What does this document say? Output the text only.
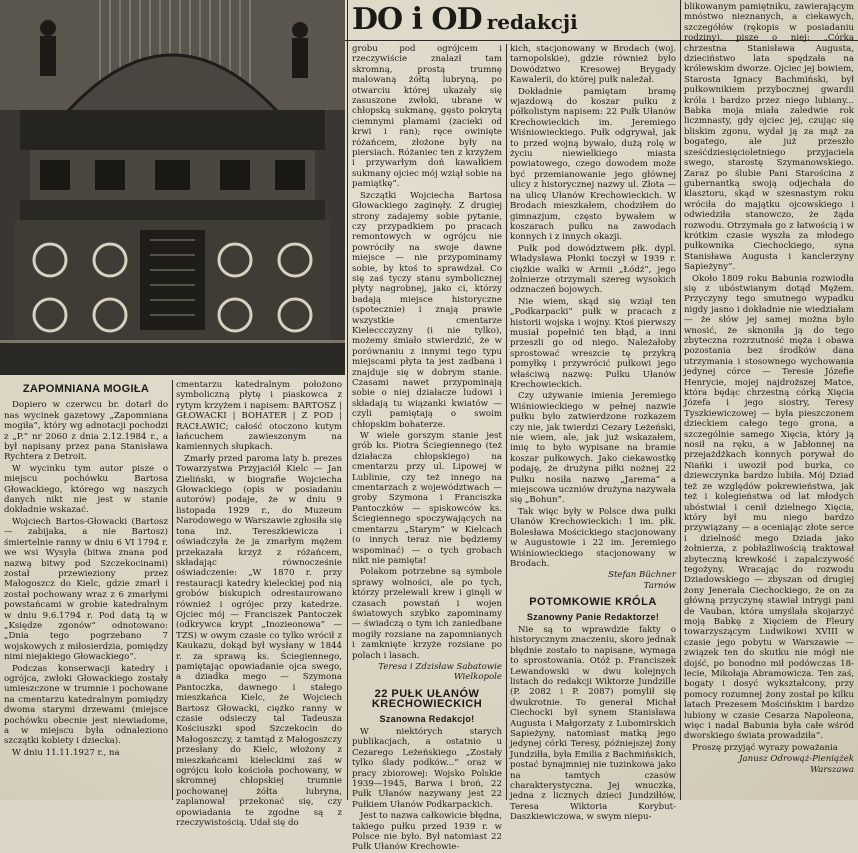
DO i OD redakcji
ZAPOMNIANA MOGIŁA

Dopiero w czerwcu br. dotarł do nas wycinek gazetowy „Zapomniana mogiła”, który wg adnotacji pochodzi z „P.” nr 2060 z dnia 2.12.1984 r., a był napisany przez pana Stanisława Rychtera z Detroit.

W wycinku tym autor pisze o miejscu pochówku Bartosa Głowackiego, którego wg naszych danych nikt nie jest w stanie dokładnie wskazać.

Wojciech Bartos-Głowacki (Bartosz — zabijaka, a nie Bartosz) śmiertelnie ranny w dniu 6 VI 1794 r. we wsi Wysyła (bitwa znana pod nazwą bitwy pod Szczekocinami) został przewieziony przez Małogoszcz do Kielc, gdzie zmarł i został pochowany wraz z 6 zmarłymi powstańcami w grobie katedralnym w dniu 9.6.1794 r. Pod datą tą w „Księdze zgonów” odnotowano: „Dnia tego pogrzebano 7 wojskowych z miłosierdzia, pomiędzy nimi niejakiego Głowackiego”.

Podczas konserwacji katedry i ogrójca, zwłoki Głowackiego zostały umieszczone w trumnie i pochowane na cmentarzu katedralnym pomiędzy dwoma starymi drzewami (miejsce pochówku obecnie jest niewiadome, a w miejscu była odnaleziono szczątki kobiety i dziecka).

W dniu 11.11.1927 r., na

cmentarzu katedralnym położono symboliczną płytę i piaskowca z rytym krzyżem i napisem: BARTOSZ | GŁOWACKI | BOHATER | Z POD | RACŁAWIC; całość otoczono kutym łańcuchem zawieszonym na kamiennych słupkach.

Zmarły przed paroma laty b. prezes Towarzystwa Przyjaciół Kielc — Jan Zieliński, w biografie Wojciecha Głowackiego (opis w posiadaniu autorów) podaje, że w dniu 9 listopada 1929 r., do Muzeum Narodowego w Warszawie zgłosiła się tona inż. Tereszkiewicza i oświadczyła że ja zmarłym mężem przekazała krzyż z różańcem, składając równocześnie oświadczenie: „W 1870 r. przy restauracji katedry kieleckiej pod nią grobów biskupich odrestaurowano również i ogrójec przy katedrze. Ojciec mój — Franciszek Pantoczek (odkrywca krypt „Inozieonowa” — TZS) w owym czasie co tylko wrócił z Kaukazu, dokąd był wysłany w 1844 r. za sprawą ks. Ściegiennego, pamiętając opowiadanie ojca swego, a dziadka mego — Szymona Pantoczka, dawnego i stałego mieszkańca Kielc, że Wojciech Bartosz Głowacki, ciężko ranny w czasie odsieczy tal Tadeusza Kościuszki spod Szczekocin do Małogoszczy, z tamtąd z Małogoszczy przesłany do Kielc, włożony z mieszkańcami kieleckimi zaś w ogrójcu koło kościoła pochowany, w skromnej chłopskiej trumnie pochowanej żółta lubryna, zaplanował przekonać się, czy opowiadania te zgodne są z rzeczywistością. Udał się do

grobu pod ogrójcem i rzeczywiście znalazł tam skromną, prostą trumnę malowaną żółtą lubryną, po otwarciu której ukazały się zasuszone zwłoki, ubrane w chłopską sukmanę, gęsto pokrytą ciemnymi plamami (zacieki od krwi i ran); ręce owinięte różańcem, złożone były na piersiach. Różaniec ten z krzyżem i przywarłym doń kawałkiem sukmany ojciec mój wziął sobie na pamiątkę”.

Szczątki Wojciecha Bartosa Głowackiego zaginęły. Z drugiej strony zadajemy sobie pytanie, czy przypadkiem po pracach remontowych w ogrójcu nie powróciły na swoje dawne miejsce — nie przypominamy sobie, by ktoś to sprawdzał. Co się zaś tyczy stanu symbolicznej płyty nagrobnej, jako ci, którzy badają miejsce historyczne (spotecznie) i znają prawie wszystkie cmentarze Kieleccczyzny (i nie tylko), możemy śmiało stwierdzić, że w porównaniu z innymi tego typu miejscami płyta ta jest zadbana i znajduje się w dobrym stanie. Czasami nawet przypominają sobie o niej działacze ludowi i składają tu wiązanki kwiatów — czyli pamiętają o swoim chłopskim bohaterze.

W wiele gorszym stanie jest grób ks. Piotra Ściegiennego (też działacza chłopskiego) na cmentarzu przy ul. Lipowej w Lublinie, czy też innego na cmentarzach z województwach — groby Szymona i Franciszka Pantoczków — spiskowców ks. Ściegiennego spoczywających na cmentarzu „Starym” w Kielcach (o innych teraz nie będziemy wspominać) — o tych grobach nikt nie pamięta!

Polakom potrzebne są symbole sprawy wolności, ale po tych, którzy przelewali krew i ginęli w czasach powstań i wojen światowych szybko zapominamy — świadczą o tym ich zaniedbane mogiły rozsiane na zapomnianych i zamknięte krzyże rozsiane po polach i lasach.

Teresa i Zdzisław Sabatowie
Wielkopole
22 PUŁK UŁANÓW
KRECHOWIECKICH
Szanowna Redakcjo!

W niektórych starych publikacjach, a ostatnio u Cezarego Leżeńskiego „Zostały tylko ślady podków...” oraz w pracy zbiorowej: Wojsko Polskie 1939—1945, Barwa i broń, 22 Pułk Ułanów nazywany jest 22 Pułkiem Ułanów Podkarpackich.

Jest to nazwa całkowicie błędna, takiego pułku przed 1939 r. w Polsce nie było. Był natomiast 22 Pułk Ułanów Krechowie-

kich, stacjonowany w Brodach (woj. tarnopolskie), gdzie również było Dowództwo Kresowej Brygady Kawalerii, do której pułk należał.

Dokładnie pamiętam bramę wjazdową do koszar pułku z półkolistym napisem: 22 Pułk Ułanów Krechowieckich im. Jeremiego Wiśniowieckiego. Pułk odgrywał, jak to przed wojną bywało, dużą rolę w życiu niewielkiego miasta powiatowego, czego dowodem może być przemianowanie jego głównej ulicy z historycznej nazwy ul. Złota — na ulicę Ułanów Krechowieckich. W Brodach mieszkałem, chodziłem do gimnazjum, często bywałem w koszarach pułku na zawodach konnych i z innych okazji.

Pułk pod dowództwem płk. dypl. Władysława Płonki toczył w 1939 r. ciężkie walki w Armii „Łódź”, jego żołnierze otrzymali szereg wysokich odznaczeń bojowych.

Nie wiem, skąd się wziął ten „Podkarpacki” pułk w pracach z historii wojska i wojny. Ktoś pierwszy musiał popełnić ten błąd, a inni przeszli go od niego. Należałoby sprostować wreszcie tę przykrą pomyłkę i przywrócić pułkowi jego właściwą nazwę: Pułku Ułanów Krechowieckich.

Czy używanie imienia Jeremiego Wiśniowieckiego w pełnej nazwie pułku było zatwierdzone rozkazem czy nie, jak twierdzi Cezary Leżeński, nie wiem, ale, jak już wskazałem, imię to było wypisane na bramie koszar pułkowych. Jako ciekawostkę podaję, że drużyna piłki nożnej 22 Pułku nosiła nazwę „Jarema” a miejscowa uczniów drużyna nazywała się „Bohun”.

Tak więc były w Polsce dwa pułki Ułanów Krechowieckich: 1 im. płk. Bolesława Mościckiego stacjonowany w Augustowie i 22 im. Jeremiego Wiśniowieckiego stacjonowany w Brodach.

Stefan Büchner
Tarnów
POTOMKOWIE KRÓLA
Szanowny Panie Redaktorze!

Nie są to wprawdzie fakty o historycznym znaczeniu, skoro jednak błędnie zostało to napisane, wymaga to sprostowania. Otóż p. Franciszek Lewandowski w dwu kolejnych listach do redakcji Wiktorze Jundzille (P. 2082 i P. 2087) pomylił się dwukrotnie. To generał Michał Ciechocki był synem Stanisława Augusta i Małgorzaty z Lubomirskich Sapieżyny, natomiast matką jego jedynej córki Teresy, późniejszej żony Jundziłła, była Emilia z Bachmińskich, postać bynajmniej nie tuzinkowa jako na tamtych czasów charakterystyczna. Jej wnuczka, jedna z licznych dzieci Jundziłłów, Teresa Wiktoria Korybut-Daszkiewiczowa, w swym niepu-

blikowanym pamiętniku, zawierającym mnóstwo nieznanych, a ciekawych, szczegółów (rękopis w posiadaniu rodziny), pisze o niej: „Córka chrzestna Stanisława Augusta, dzieciństwo lata spędzała na królewskim dworze. Ojciec jej bowiem, Starosta Ignacy Bachmiński, był pułkownikiem przybocznej gwardii króla i bardzo przez niego lubiany... Babka moja miała zaledwie rok liczmnasty, gdy ojciec jej, czując się bliskim zgonu, wydał ją za mąż za bogatego, ale już przeszło sześćdziesięcioletniego przyjaciela swego, starostę Szymanowskiego. Zaraz po ślubie Pani Starościna z gubernantką swoją odjechała do klasztoru, skąd w szesnastym roku wróciła do majątku ojcowskiego i odwiedziła stanowczo, że żąda rozwodu. Otrzymała go z łatwością i w krótkim czasie wyszła za młodego pułkownika Ciechockiego, syna Stanisława Augusta i kanclerzyny Sapieżyny”.

Około 1809 roku Babunia rozwiodła się z ubóstwianym dotąd Mężem. Przyczyny tego smutnego wypadku nigdy jasno i dokładnie nie wiedziałam — że słów jej samej można było wnosić, że sknoniła ją do tego zbyteczna rozrzutność męża i obawa pozostania bez środków dana utrzymania i stosownego wychowania jedynej córce — Teresie Józefie Henrycie, mojej najdroższej Matce, która będąc chrzestną córką Xięcia Józefa i jego siostry, Teresy Tyszkiewiczowej — była pieszczonem dzieckiem całego tego grona, a szczególnie samego Xięcia, który ją nosił na ręku, a w Jabłonnej na przejażdżkach konnych porywał do Niańki i uwoził pod burka, co dziewczynka bardzo lubiła. Mój Dziad też ze względów pokrewieństwa, jak też i kolegieństwa od lat młodych ubóstwiał i cenił dzielnego Xięcia, który był mu niego bardzo przywiązany — a oceniając złote serce i dzielność mego Dziada jako żołnierza, z pobłażliwością traktował zbyteczną krewkość i zapalczywość tegożyny. Wracając do rozwodu Dziadowskiego — zbyszan od drugiej żony Jenerała Ciechockiego, że on za główną przyczynę stawiał intrygi pani de Vauban, która umyślała skojarzyć moją Babkę z Xięciem de Fleury towarzyszącym Ludwikowi XVIII w czasie jego pobytu w Warszawie — związek ten do skutku nie mógł nie dojść, po bonodno mił podówczas 18-lecie, Mikołaja Abramowicza. Ten zaś, bogaty i dosyć wykształcony, przy pomocy rozumnej żony został po kilku latach Prezesem Mościńskim i bardzo lubiony w czasie Cesarza Napoleona, więc i nadal Babunia była całe wśród dworskiego świata prowadziła”.

Proszę przyjąć wyrazy poważania

Janusz Odrowąż-Pieniążek
Warszawa
